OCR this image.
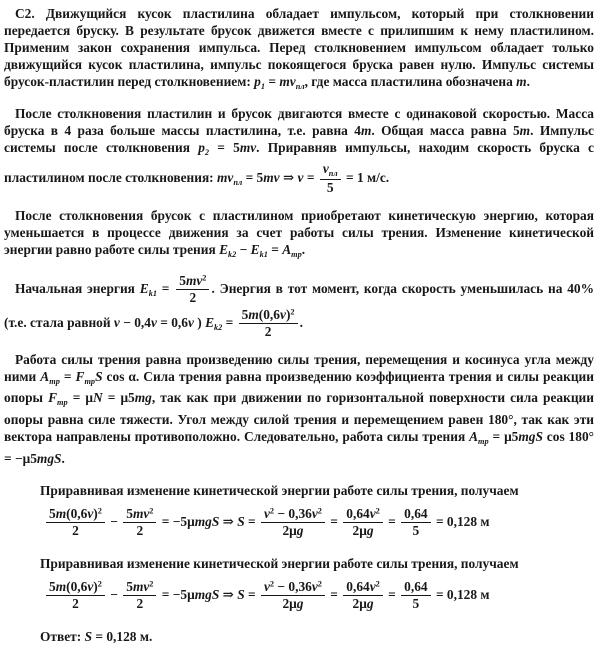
С2. Движущийся кусок пластилина обладает импульсом, который при столкновении передается бруску. В результате брусок движется вместе с прилипшим к нему пластилином. Применим закон сохранения импульса. Перед столкновением импульсом обладает только движущийся кусок пластилина, импульс покоящегося бруска равен нулю. Импульс системы брусок-пластилин перед столкновением: $p_1 = mv_{пл}$, где масса пластилина обозначена m.
После столкновения пластилин и брусок двигаются вместе с одинаковой скоростью. Масса бруска в 4 раза больше массы пластилина, т.е. равна 4m. Общая масса равна 5m. Импульс системы после столкновения $p_2 = 5mv$. Приравняв импульсы, находим скорость бруска с пластилином после столкновения: $mv_{пл} = 5mv$ ⇒ $v = \frac{v_{пл}}{5} = 1$ м/с.
После столкновения брусок с пластилином приобретают кинетическую энергию, которая уменьшается в процессе движения за счет работы силы трения. Изменение кинетической энергии равно работе силы трения $E_{k2} - E_{k1} = A_{тр}$.
Начальная энергия $E_{k1} = \frac{5mv^2}{2}$ . Энергия в тот момент, когда скорость уменьшилась на 40% (т.е. стала равной v − 0,4v = 0,6v ) $E_{k2} = \frac{5m(0,6v)^2}{2}$ .
Работа силы трения равна произведению силы трения, перемещения и косинуса угла между ними $A_{тр} = F_{тр}S$ cos α. Сила трения равна произведению коэффициента трения и силы реакции опоры $F_{тр} = \mu N = \mu 5mg$, так как при движении по горизонтальной поверхности сила реакции опоры равна силе тяжести. Угол между силой трения и перемещением равен 180°, так как эти вектора направлены противоположно. Следовательно, работа силы трения $A_{тр} = \mu 5mgS$ cos 180° = −μ5mgS.
Приравнивая изменение кинетической энергии работе силы трения, получаем
$\frac{5m(0,6v)^2}{2} - \frac{5mv^2}{2} = -5\mu mgS$ ⇒ $S = \frac{v^2 - 0,36v^2}{2\mu g} = \frac{0,64v^2}{2\mu g} = \frac{0,64}{5} = 0,128$ м
Приравнивая изменение кинетической энергии работе силы трения, получаем
$\frac{5m(0,6v)^2}{2} - \frac{5mv^2}{2} = -5\mu mgS$ ⇒ $S = \frac{v^2 - 0,36v^2}{2\mu g} = \frac{0,64v^2}{2\mu g} = \frac{0,64}{5} = 0,128$ м
Ответ: S = 0,128 м.
